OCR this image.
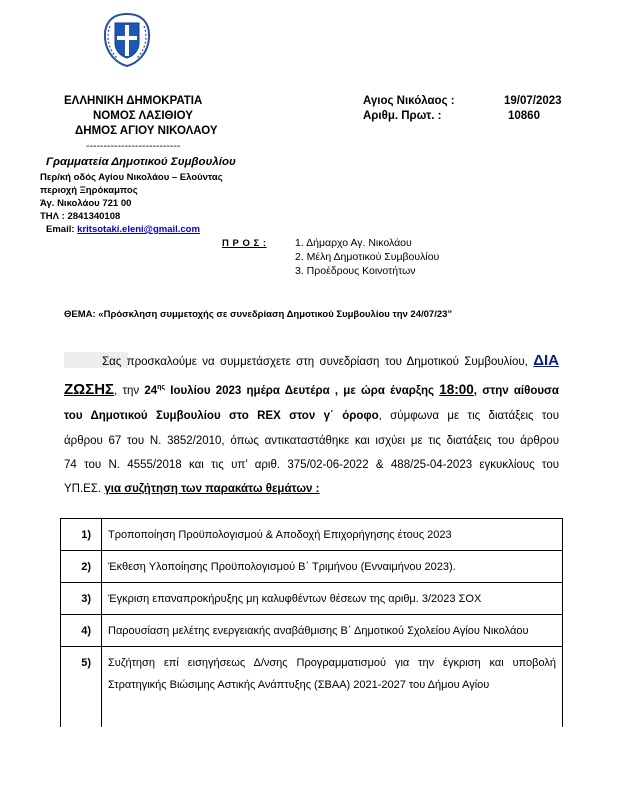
ΕΛΛΗΝΙΚΗ ΔΗΜΟΚΡΑΤΙΑ
ΝΟΜΟΣ ΛΑΣΙΘΙΟΥ
ΔΗΜΟΣ ΑΓΙΟΥ ΝΙΚΟΛΑΟΥ
---------------------------
Γραμματεία Δημοτικού Συμβουλίου
Περ/κή οδός Αγίου Νικολάου – Ελούντας
περιοχή Ξηρόκαμπος
Άγ. Νικολάου 721 00
ΤΗΛ : 2841340108
Email: kritsotaki.eleni@gmail.com
Αγιος Νικόλαος :	19/07/2023
Αριθμ. Πρωτ. :	10860
Π Ρ Ο Σ :	1. Δήμαρχο Αγ. Νικολάου
2. Μέλη Δημοτικού Συμβουλίου
3. Προέδρους Κοινοτήτων
ΘΕΜΑ: «Πρόσκληση συμμετοχής σε συνεδρίαση Δημοτικού Συμβουλίου την 24/07/23”
Σας προσκαλούμε να συμμετάσχετε στη συνεδρίαση του Δημοτικού Συμβουλίου, ΔΙΑ
ΖΩΣΗΣ, την $24^{\eta\varsigma}$ Ιουλίου 2023 ημέρα Δευτέρα , με ώρα έναρξης 18:00, στην αίθουσα
του Δημοτικού Συμβουλίου στο REX στον γ΄ όροφο, σύμφωνα με τις διατάξεις του
άρθρου 67 του Ν. 3852/2010, όπως αντικαταστάθηκε και ισχύει με τις διατάξεις του άρθρου
74 του Ν. 4555/2018 και τις υπ’ αριθ. 375/02-06-2022 & 488/25-04-2023 εγκυκλίους του
ΥΠ.ΕΣ. για συζήτηση των παρακάτω θεμάτων :
1)	Τροποποίηση Προϋπολογισμού & Αποδοχή Επιχορήγησης έτους 2023
2)	Έκθεση Υλοποίησης Προϋπολογισμού Β΄ Τριμήνου (Ενναιμήνου 2023).
3)	Έγκριση επαναπροκήρυξης μη καλυφθέντων θέσεων της αριθμ. 3/2023 ΣΟΧ
4)	Παρουσίαση μελέτης ενεργειακής αναβάθμισης Β΄ Δημοτικού Σχολείου Αγίου Νικολάου
5)	Συζήτηση επί εισηγήσεως Δ/νσης Προγραμματισμού για την έγκριση και υποβολή Στρατηγικής Βιώσιμης Αστικής Ανάπτυξης (ΣΒΑΑ) 2021-2027 του Δήμου Αγίου
